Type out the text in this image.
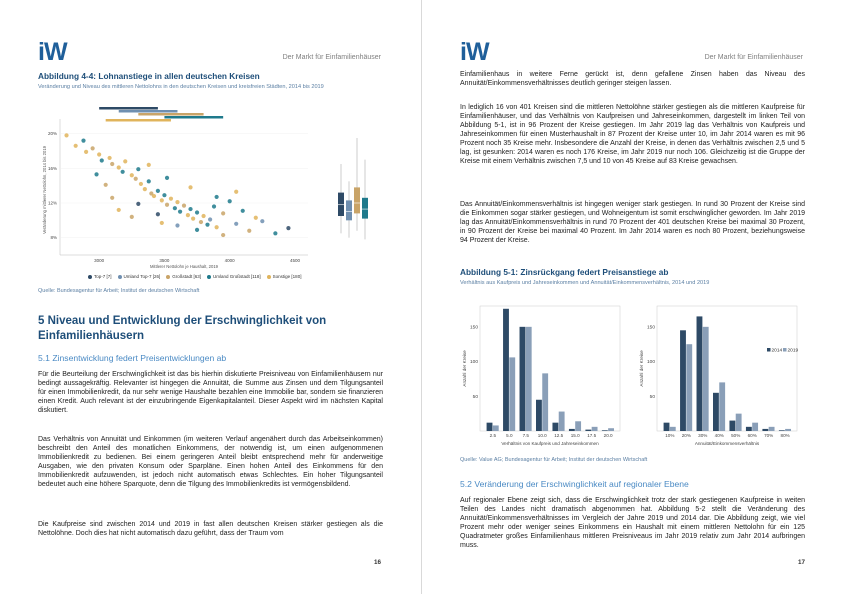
iW	Der Markt für Einfamilienhäuser
Abbildung 4-4: Lohnanstiege in allen deutschen Kreisen
Veränderung und Niveau des mittleren Nettolohns in den deutschen Kreisen und kreisfreien Städten, 2014 bis 2019
20%
16%
12%
8%
3000	3500	4000	4500
Mittlerer Nettolohn je Haushalt, 2019
Veränderung mittlerer Nettolohn, 2014 bis 2019
Top-7 [7]	Umland Top-7 [26]	Großstadt [63]	Umland Großstadt [118]	Sonstige [180]
Quelle: Bundesagentur für Arbeit; Institut der deutschen Wirtschaft
5 Niveau und Entwicklung der Erschwinglichkeit von Einfamilienhäusern
5.1 Zinsentwicklung federt Preisentwicklungen ab

Für die Beurteilung der Erschwinglichkeit ist das bis hierhin diskutierte Preisniveau von Einfamilienhäusern nur bedingt aussagekräftig. Relevanter ist hingegen die Annuität, die Summe aus Zinsen und dem Tilgungsanteil für einen Immobilienkredit, da nur sehr wenige Haushalte bezahlen eine Immobilie bar, sondern sie finanzieren einen Kredit. Auch relevant ist der einzubringende Eigenkapitalanteil. Dieser Aspekt wird im nächsten Kapital diskutiert.

Das Verhältnis von Annuität und Einkommen (im weiteren Verlauf angenähert durch das Arbeitseinkommen) beschreibt den Anteil des monatlichen Einkommens, der notwendig ist, um einen aufgenommenen Immobilienkredit zu bedienen. Bei einem geringeren Anteil bleibt entsprechend mehr für anderweitige Ausgaben, wie den privaten Konsum oder Sparpläne. Einen hohen Anteil des Einkommens für den Immobilienkredit aufzuwenden, ist jedoch nicht automatisch etwas Schlechtes. Ein hoher Tilgungsanteil bedeutet auch eine höhere Sparquote, denn die Tilgung des Immobilienkredits ist vermögensbildend.

Die Kaufpreise sind zwischen 2014 und 2019 in fast allen deutschen Kreisen stärker gestiegen als die Nettolöhne. Doch dies hat nicht automatisch dazu geführt, dass der Traum vom

16
iW	Der Markt für Einfamilienhäuser

Einfamilienhaus in weitere Ferne gerückt ist, denn gefallene Zinsen haben das Niveau des Annuität/Einkommensverhältnisses deutlich geringer steigen lassen.

In lediglich 16 von 401 Kreisen sind die mittleren Nettolöhne stärker gestiegen als die mittleren Kaufpreise für Einfamilienhäuser, und das Verhältnis von Kaufpreisen und Jahreseinkommen, dargestellt im linken Teil von Abbildung 5-1, ist in 96 Prozent der Kreise gestiegen. Im Jahr 2019 lag das Verhältnis von Kaufpreis und Jahreseinkommen für einen Musterhaushalt in 87 Prozent der Kreise unter 10, im Jahr 2014 waren es mit 96 Prozent noch 35 Kreise mehr. Insbesondere die Anzahl der Kreise, in denen das Verhältnis zwischen 2,5 und 5 lag, ist gesunken: 2014 waren es noch 176 Kreise, im Jahr 2019 nur noch 106. Gleichzeitig ist die Gruppe der Kreise mit einem Verhältnis zwischen 7,5 und 10 von 45 Kreise auf 83 Kreise gewachsen.

Das Annuität/Einkommensverhältnis ist hingegen weniger stark gestiegen. In rund 30 Prozent der Kreise sind die Einkommen sogar stärker gestiegen, und Wohneigentum ist somit erschwinglicher geworden. Im Jahr 2019 lag das Annuität/Einkommensverhältnis in rund 70 Prozent der 401 deutschen Kreise bei maximal 30 Prozent, in 90 Prozent der Kreise bei maximal 40 Prozent. Im Jahr 2014 waren es noch 80 Prozent, beziehungsweise 94 Prozent der Kreise.

Abbildung 5-1: Zinsrückgang federt Preisanstiege ab
Verhältnis aus Kaufpreis und Jahreseinkommen und Annuität/Einkommensverhältnis, 2014 und 2019
50
100
150
2.5 5.0 7.5 10.0 12.5 15.0 17.5 20.0
Verhältnis von Kaufpreis und Jahreseinkommen
Anzahl der Kreise
50
100
150
10% 20% 30% 40% 50% 60% 70% 80%
Annuität/Einkommensverhältnis
Anzahl der Kreise	2014 2019
Quelle: Value AG; Bundesagentur für Arbeit; Institut der deutschen Wirtschaft
5.2 Veränderung der Erschwinglichkeit auf regionaler Ebene

Auf regionaler Ebene zeigt sich, dass die Erschwinglichkeit trotz der stark gestiegenen Kaufpreise in weiten Teilen des Landes nicht dramatisch abgenommen hat. Abbildung 5-2 stellt die Veränderung des Annuität/Einkommensverhältnisses im Vergleich der Jahre 2019 und 2014 dar. Die Abbildung zeigt, wie viel Prozent mehr oder weniger seines Einkommens ein Haushalt mit einem mittleren Nettolohn für ein 125 Quadratmeter großes Einfamilienhaus mittleren Preisniveaus im Jahr 2019 relativ zum Jahr 2014 aufbringen muss.

17
